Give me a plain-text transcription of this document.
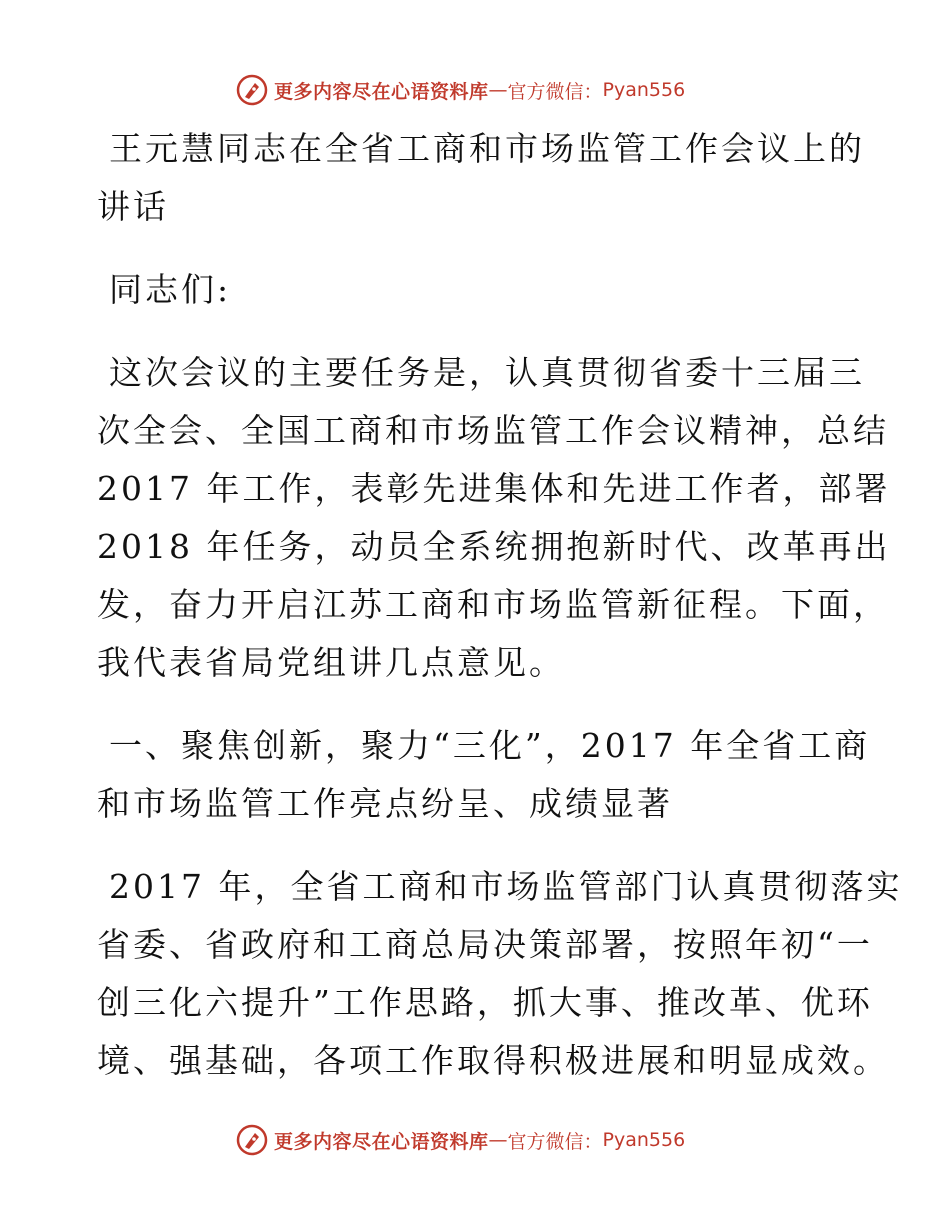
更多内容尽在心语资料库 — 官方微信： Pyan556
王元慧同志在全省工商和市场监管工作会议上的
讲话
同志们:
这次会议的主要任务是，认真贯彻省委十三届三
次全会、全国工商和市场监管工作会议精神，总结
2017 年工作，表彰先进集体和先进工作者，部署
2018 年任务，动员全系统拥抱新时代、改革再出
发，奋力开启江苏工商和市场监管新征程。下面，
我代表省局党组讲几点意见。
一、聚焦创新，聚力“三化”，2017 年全省工商
和市场监管工作亮点纷呈、成绩显著
2017 年，全省工商和市场监管部门认真贯彻落实
省委、省政府和工商总局决策部署，按照年初“一
创三化六提升”工作思路，抓大事、推改革、优环
境、强基础，各项工作取得积极进展和明显成效。
更多内容尽在心语资料库 — 官方微信： Pyan556
